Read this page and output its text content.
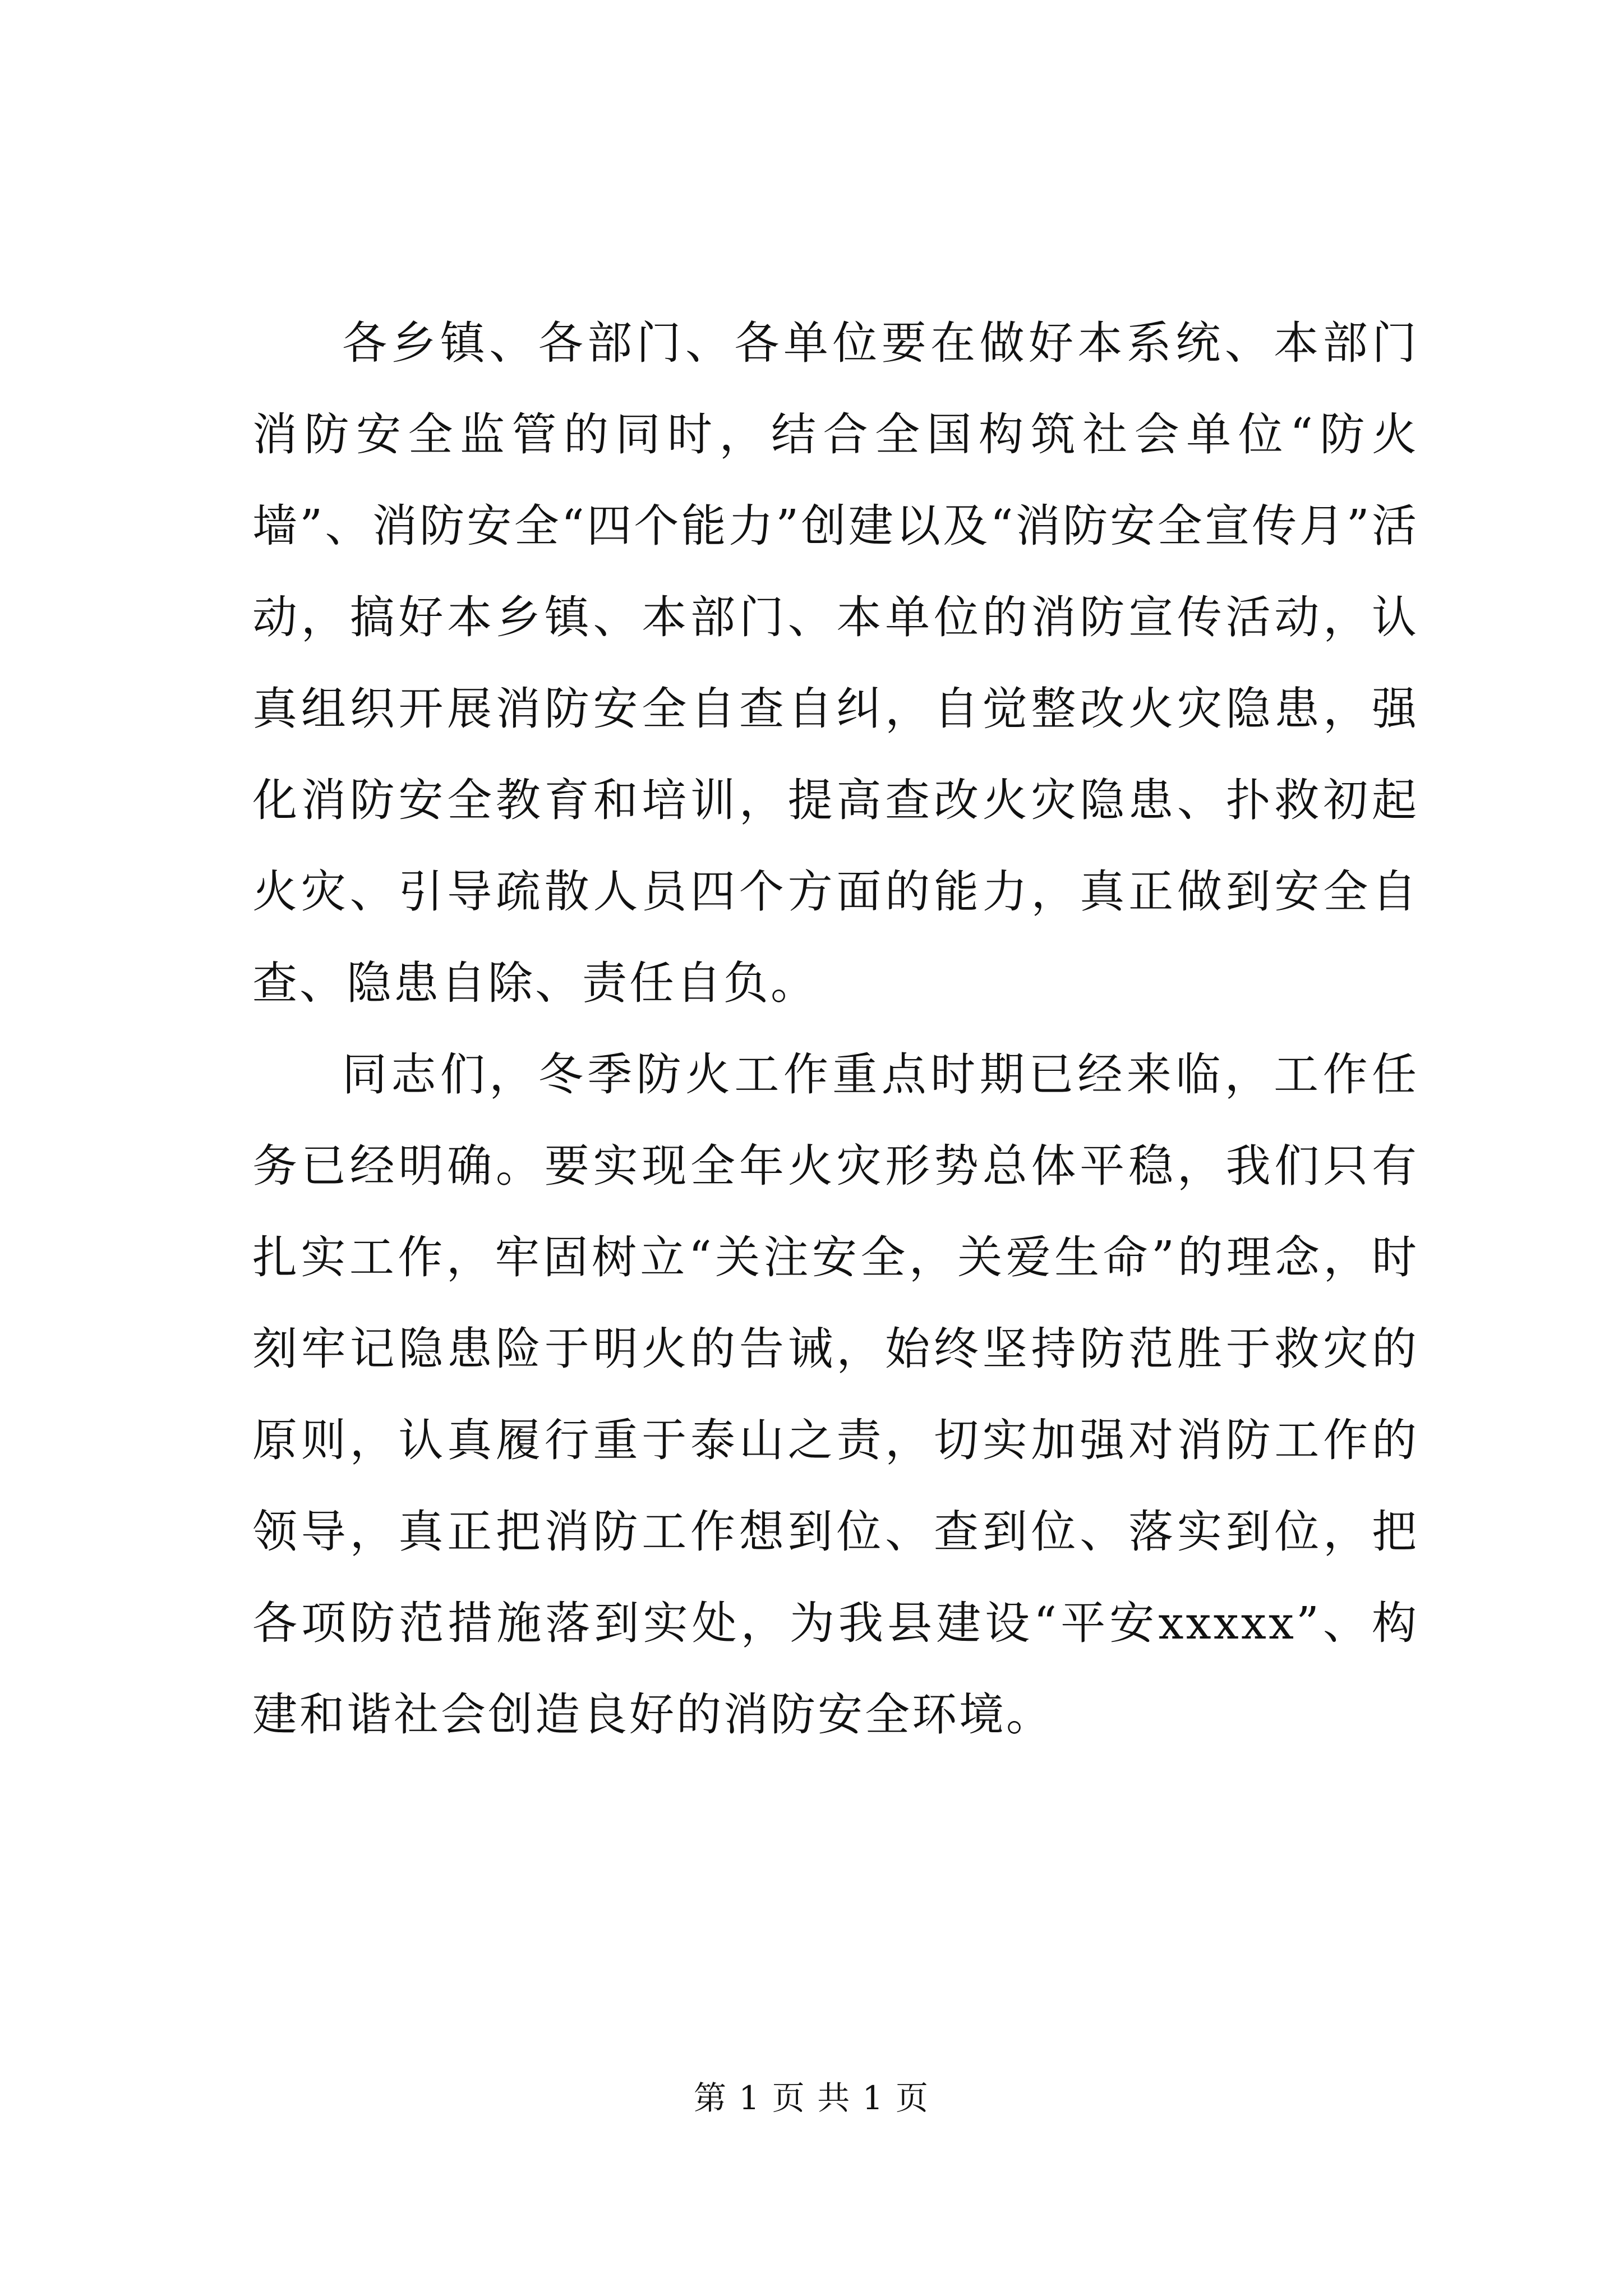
各乡镇、各部门、各单位要在做好本系统、本部门消防安全监管的同时，结合全国构筑社会单位“防火墙”、消防安全“四个能力”创建以及“消防安全宣传月”活动，搞好本乡镇、本部门、本单位的消防宣传活动，认真组织开展消防安全自查自纠，自觉整改火灾隐患，强化消防安全教育和培训，提高查改火灾隐患、扑救初起火灾、引导疏散人员四个方面的能力，真正做到安全自查、隐患自除、责任自负。

同志们，冬季防火工作重点时期已经来临，工作任务已经明确。要实现全年火灾形势总体平稳，我们只有扎实工作，牢固树立“关注安全，关爱生命”的理念，时刻牢记隐患险于明火的告诫，始终坚持防范胜于救灾的原则，认真履行重于泰山之责，切实加强对消防工作的领导，真正把消防工作想到位、查到位、落实到位，把各项防范措施落到实处，为我县建设“平安xxxxx”、构建和谐社会创造良好的消防安全环境。

第 1 页 共 1 页
